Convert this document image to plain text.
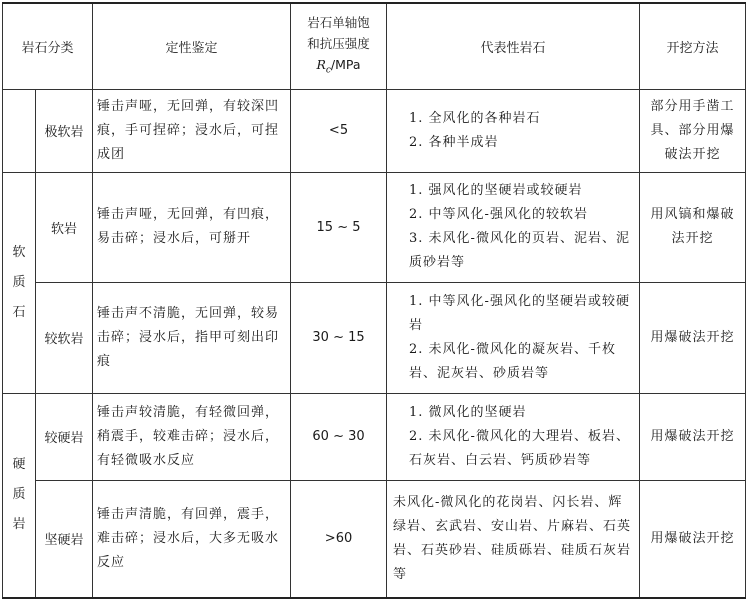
岩石分类		定性鉴定	岩石单轴饱
和抗压强度
$R_c$/MPa	代表性岩石	开挖方法
	极软岩	锤击声哑，无回弹，有较深凹痕，手可捏碎；浸水后，可捏成团	<5	1. 全风化的各种岩石
2. 各种半成岩	部分用手凿工具、部分用爆破法开挖
软质石	软岩	锤击声哑，无回弹，有凹痕，易击碎；浸水后，可掰开	15 ~ 5	1. 强风化的坚硬岩或较硬岩
2. 中等风化-强风化的较软岩
3. 未风化-微风化的页岩、泥岩、泥质砂岩等	用风镐和爆破法开挖
	较软岩	锤击声不清脆，无回弹，较易击碎；浸水后，指甲可刻出印痕	30 ~ 15	1. 中等风化-强风化的坚硬岩或较硬岩
2. 未风化-微风化的凝灰岩、千枚岩、泥灰岩、砂质岩等	用爆破法开挖
硬质岩	较硬岩	锤击声较清脆，有轻微回弹，稍震手，较难击碎；浸水后，有轻微吸水反应	60 ~ 30	1. 微风化的坚硬岩
2. 未风化-微风化的大理岩、板岩、石灰岩、白云岩、钙质砂岩等	用爆破法开挖
	坚硬岩	锤击声清脆，有回弹，震手，难击碎；浸水后，大多无吸水反应	>60	未风化-微风化的花岗岩、闪长岩、辉绿岩、玄武岩、安山岩、片麻岩、石英岩、石英砂岩、硅质砾岩、硅质石灰岩等	用爆破法开挖
